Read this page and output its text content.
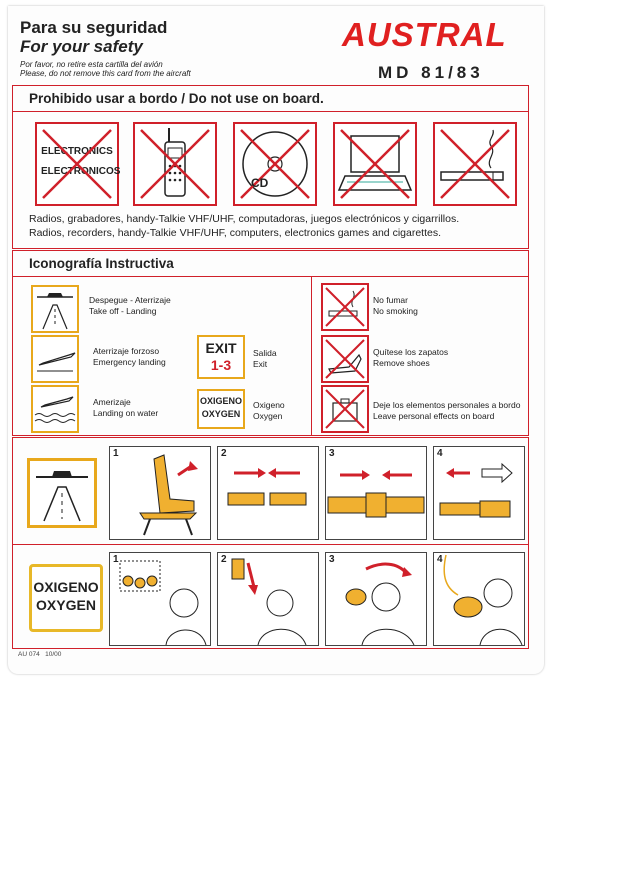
Para su seguridad
For your safety
Por favor, no retire esta cartilla del avión
Please, do not remove this card from the aircraft
AUSTRAL
MD 81/83
Prohibido usar a bordo / Do not use on board.
ELECTRONICS
ELECTRONICOS
CD
Radios, grabadores, handy-Talkie VHF/UHF, computadoras, juegos electrónicos y cigarrillos.
Radios, recorders, handy-Talkie VHF/UHF, computers, electronics games and cigarettes.
Iconografía Instructiva
Despegue - Aterrizaje
Take off - Landing
Aterrizaje forzoso
Emergency landing
Amerizaje
Landing on water
EXIT
1-3
Salida
Exit
OXIGENO
OXYGEN
Oxigeno
Oxygen
No fumar
No smoking
Quítese los zapatos
Remove shoes
Deje los elementos personales a bordo
Leave personal effects on board
1	2	3	4
OXIGENO
OXYGEN
1	2	3	4
AU 074 10/00
